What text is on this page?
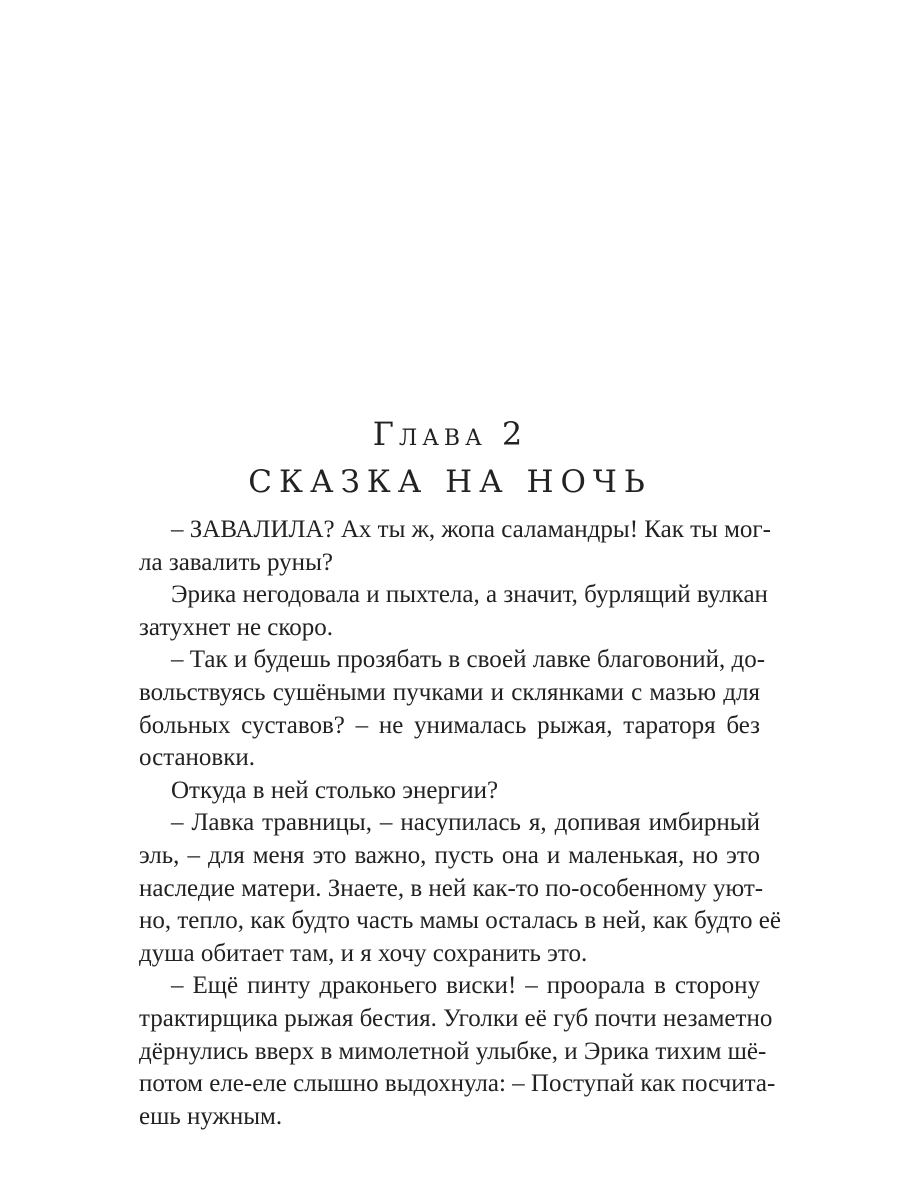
Глава 2
СКАЗКА НА НОЧЬ
– ЗАВАЛИЛА? Ах ты ж, жопа саламандры! Как ты мог-
ла завалить руны?
Эрика негодовала и пыхтела, а значит, бурлящий вулкан
затухнет не скоро.
– Так и будешь прозябать в своей лавке благовоний, до-
вольствуясь сушёными пучками и склянками с мазью для
больных суставов? – не унималась рыжая, тараторя без
остановки.
Откуда в ней столько энергии?
– Лавка травницы, – насупилась я, допивая имбирный
эль, – для меня это важно, пусть она и маленькая, но это
наследие матери. Знаете, в ней как-то по-особенному уют-
но, тепло, как будто часть мамы осталась в ней, как будто её
душа обитает там, и я хочу сохранить это.
– Ещё пинту драконьего виски! – проорала в сторону
трактирщика рыжая бестия. Уголки её губ почти незаметно
дёрнулись вверх в мимолетной улыбке, и Эрика тихим шё-
потом еле-еле слышно выдохнула: – Поступай как посчита-
ешь нужным.
